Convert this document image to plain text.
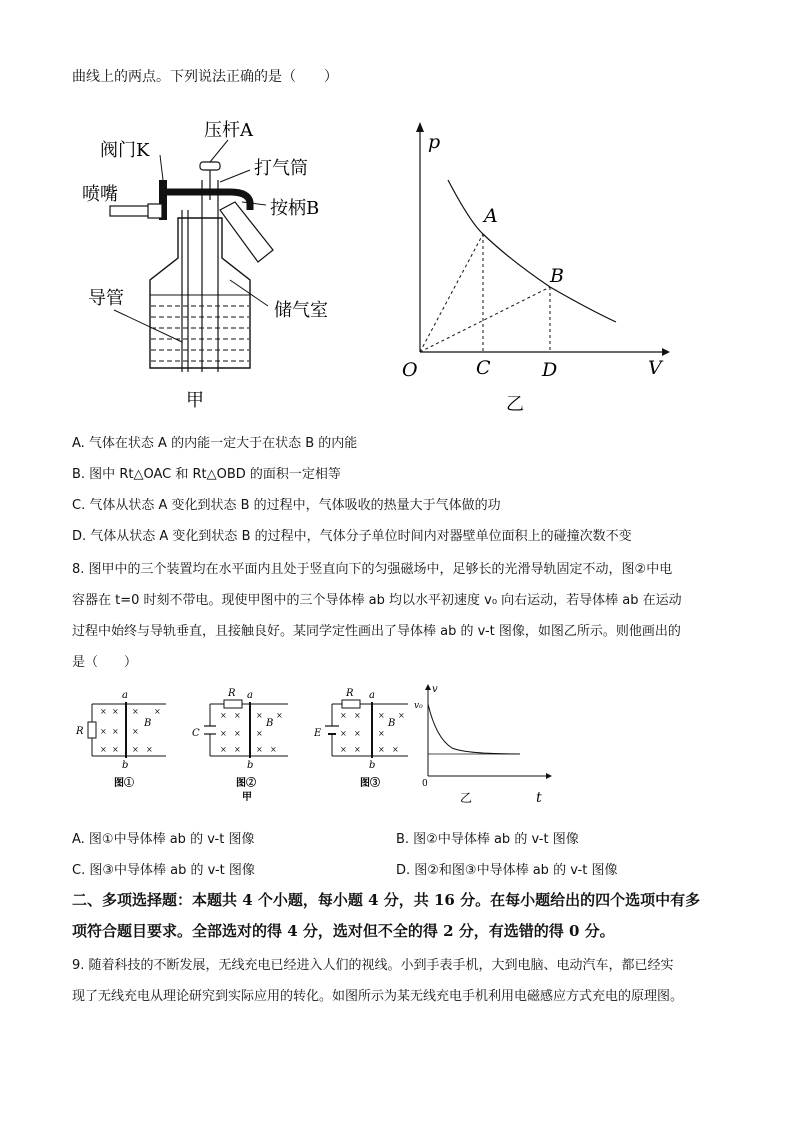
曲线上的两点。下列说法正确的是（　　）
阀门K
压杆A
打气筒
喷嘴
按柄B
导管
储气室
甲
p
V
O
A
B
C	D
乙
A. 气体在状态 A 的内能一定大于在状态 B 的内能
B. 图中 Rt△OAC 和 Rt△OBD 的面积一定相等
C. 气体从状态 A 变化到状态 B 的过程中，气体吸收的热量大于气体做的功
D. 气体从状态 A 变化到状态 B 的过程中，气体分子单位时间内对器壁单位面积上的碰撞次数不变
8. 图甲中的三个装置均在水平面内且处于竖直向下的匀强磁场中，足够长的光滑导轨固定不动，图②中电
容器在 t=0 时刻不带电。现使甲图中的三个导体棒 ab 均以水平初速度 v₀ 向右运动，若导体棒 ab 在运动
过程中始终与导轨垂直，且接触良好。某同学定性画出了导体棒 ab 的 v-t 图像，如图乙所示。则他画出的
是（　　）
R
a
b
B
× × × ×
× × ×
× × × ×
图①
R
C
a
b
B
× × × ×
× × ×
× × × ×
图②
甲
R
E
a
b
B
× × × ×
× × ×
× × × ×
图③
v
v₀
0
t
乙
A. 图①中导体棒 ab 的 v-t 图像	B. 图②中导体棒 ab 的 v-t 图像
C. 图③中导体棒 ab 的 v-t 图像	D. 图②和图③中导体棒 ab 的 v-t 图像
二、多项选择题：本题共 4 个小题，每小题 4 分，共 16 分。在每小题给出的四个选项中有多
项符合题目要求。全部选对的得 4 分，选对但不全的得 2 分，有选错的得 0 分。
9. 随着科技的不断发展，无线充电已经进入人们的视线。小到手表手机，大到电脑、电动汽车，都已经实
现了无线充电从理论研究到实际应用的转化。如图所示为某无线充电手机利用电磁感应方式充电的原理图。
